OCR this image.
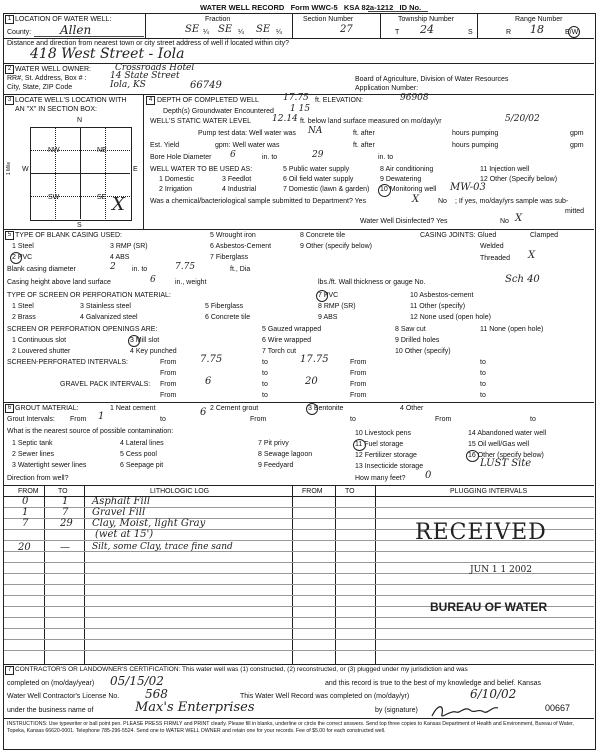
WATER WELL RECORD Form WWC-5 KSA 82a-1212 ID No.
1 LOCATION OF WATER WELL:
County: Allen
Fraction
SE ¼ SE ¼ SE ¼
Section Number
27
Township Number
T 24	S
Range Number
R 18	E/W
Distance and direction from nearest town or city street address of well if located within city?
418 West Street - Iola
2 WATER WELL OWNER:	Crossroads Hotel
RR#, St. Address, Box # :	14 State Street
City, State, ZIP Code	Iola, KS	66749
Board of Agriculture, Division of Water Resources
Application Number:
3 LOCATE WELL'S LOCATION WITH
AN "X" IN SECTION BOX:
N
S
W	E
1 Mile
NW	NE
SW	SE X
4 DEPTH OF COMPLETED WELL	17.75 ft. ELEVATION:	96908
Depth(s) Groundwater Encountered 1 15
WELL'S STATIC WATER LEVEL 12.14 ft. below land surface measured on mo/day/yr	5/20/02
Pump test data: Well water was NA	ft. after	hours pumping	gpm
Est. Yield	gpm: Well water was	ft. after	hours pumping	gpm
Bore Hole Diameter 6	in. to	29	in. to
WELL WATER TO BE USED AS:
1 Domestic	3 Feedlot
5 Public water supply	8 Air conditioning	11 Injection well
6 Oil field water supply	9 Dewatering	12 Other (Specify below)
2 Irrigation	4 Industrial	7 Domestic (lawn & garden) 10 Monitoring well MW-03
Was a chemical/bacteriological sample submitted to Department? Yes	X	No ; If yes, mo/day/yrs sample was sub-
mitted
Water Well Disinfected? Yes	No X
5 TYPE OF BLANK CASING USED:
1 Steel	3 RMP (SR)
5 Wrought iron	8 Concrete tile
2 PVC	4 ABS
6 Asbestos-Cement	9 Other (specify below)
7 Fiberglass
CASING JOINTS: Glued	Clamped
Welded
Threaded X
Blank casing diameter	2 in. to	7.75	ft., Dia
Casing height above land surface	6	in., weight	lbs./ft. Wall thickness or gauge No.	Sch 40
TYPE OF SCREEN OR PERFORATION MATERIAL:
1 Steel	3 Stainless steel	5 Fiberglass
7 PVC	10 Asbestos-cement
2 Brass	4 Galvanized steel	6 Concrete tile
8 RMP (SR)	11 Other (specify)
9 ABS	12 None used (open hole)
SCREEN OR PERFORATION OPENINGS ARE:
1 Continuous slot	3 Mill slot
5 Gauzed wrapped	8 Saw cut	11 None (open hole)
2 Louvered shutter	4 Key punched
6 Wire wrapped	9 Drilled holes
7 Torch cut	10 Other (specify)
SCREEN-PERFORATED INTERVALS:	From 7.75	to	17.75	From	to
From	to	From	to
GRAVEL PACK INTERVALS: From	6	to	20	From	to
From	to	From	to
6 GROUT MATERIAL:	1 Neat cement	2 Cement grout	3 Bentonite	4 Other
Grout Intervals: From 1	to
6
From	to	From	to
What is the nearest source of possible contamination:
1 Septic tank	4 Lateral lines	7 Pit privy
10 Livestock pens	14 Abandoned water well
2 Sewer lines	5 Cess pool	8 Sewage lagoon
11 Fuel storage	15 Oil well/Gas well
3 Watertight sewer lines	6 Seepage pit	9 Feedyard
12 Fertilizer storage	16 Other (specify below)
13 Insecticide storage	LUST Site
Direction from well?	How many feet? 0
FROM	TO	LITHOLOGIC LOG	FROM	TO	PLUGGING INTERVALS
0	1 Asphalt Fill
1	7 Gravel Fill
7	29 Clay, Moist, light Gray
(wet at 15')
20	— Silt, some Clay, trace fine sand
RECEIVED
JUN 1 1 2002
BUREAU OF WATER
7 CONTRACTOR'S OR LANDOWNER'S CERTIFICATION: This water well was (1) constructed, (2) reconstructed, or (3) plugged under my jurisdiction and was
completed on (mo/day/year) 05/15/02	and this record is true to the best of my knowledge and belief. Kansas
Water Well Contractor's License No. 568	This Water Well Record was completed on (mo/day/yr)	6/10/02
under the business name of	Max's Enterprises	by (signature)	00667
INSTRUCTIONS: Use typewriter or ball point pen. PLEASE PRESS FIRMLY and PRINT clearly. Please fill in blanks, underline or circle the correct answers. Send top three copies to Kansas Department of Health and Environment, Bureau of Water, Topeka, Kansas 66620-0001. Telephone 785-296-5524. Send one to WATER WELL OWNER and retain one for your records. Fee of $5.00 for each constructed well.
